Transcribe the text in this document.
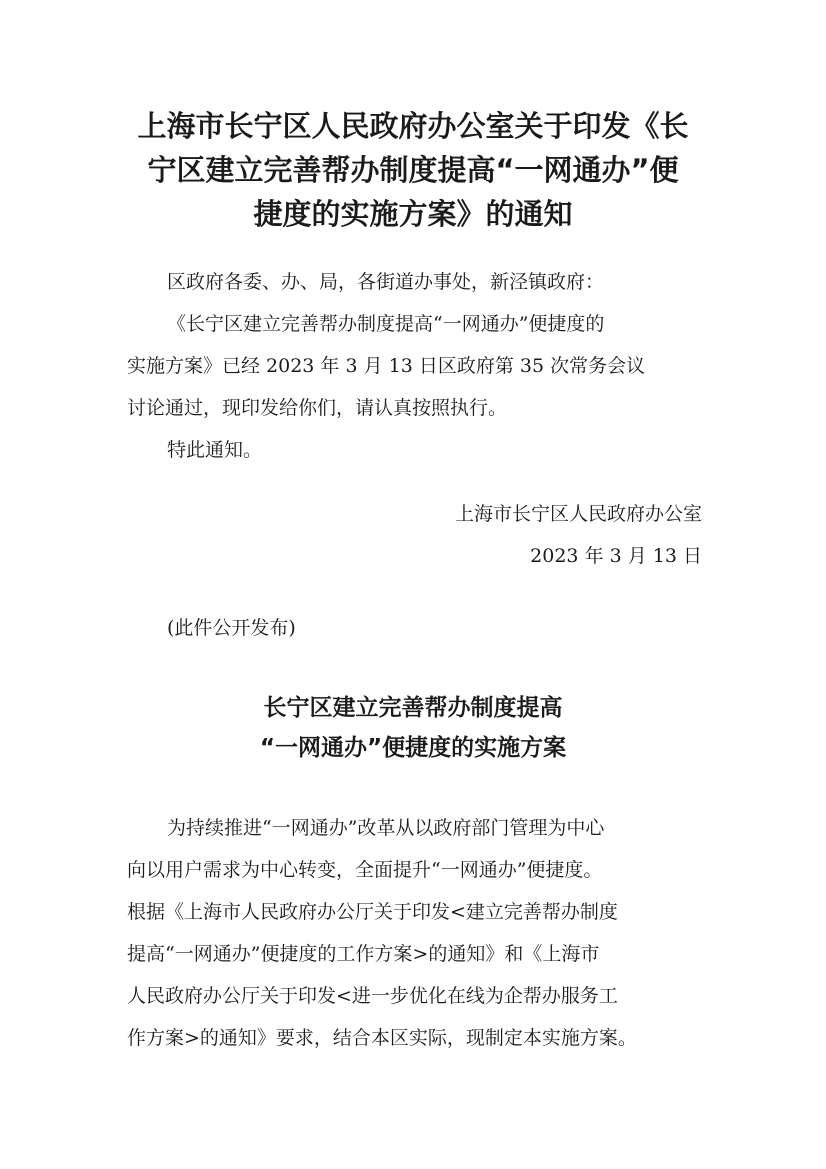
上海市长宁区人民政府办公室关于印发《长
宁区建立完善帮办制度提高“一网通办”便
捷度的实施方案》的通知

区政府各委、办、局，各街道办事处，新泾镇政府：

《长宁区建立完善帮办制度提高“一网通办”便捷度的
实施方案》已经 2023 年 3 月 13 日区政府第 35 次常务会议
讨论通过，现印发给你们，请认真按照执行。

特此通知。

上海市长宁区人民政府办公室

2023 年 3 月 13 日

(此件公开发布)

长宁区建立完善帮办制度提高
“一网通办”便捷度的实施方案

为持续推进“一网通办”改革从以政府部门管理为中心
向以用户需求为中心转变，全面提升“一网通办”便捷度。
根据《上海市人民政府办公厅关于印发<建立完善帮办制度
提高“一网通办”便捷度的工作方案>的通知》和《上海市
人民政府办公厅关于印发<进一步优化在线为企帮办服务工
作方案>的通知》要求，结合本区实际，现制定本实施方案。
